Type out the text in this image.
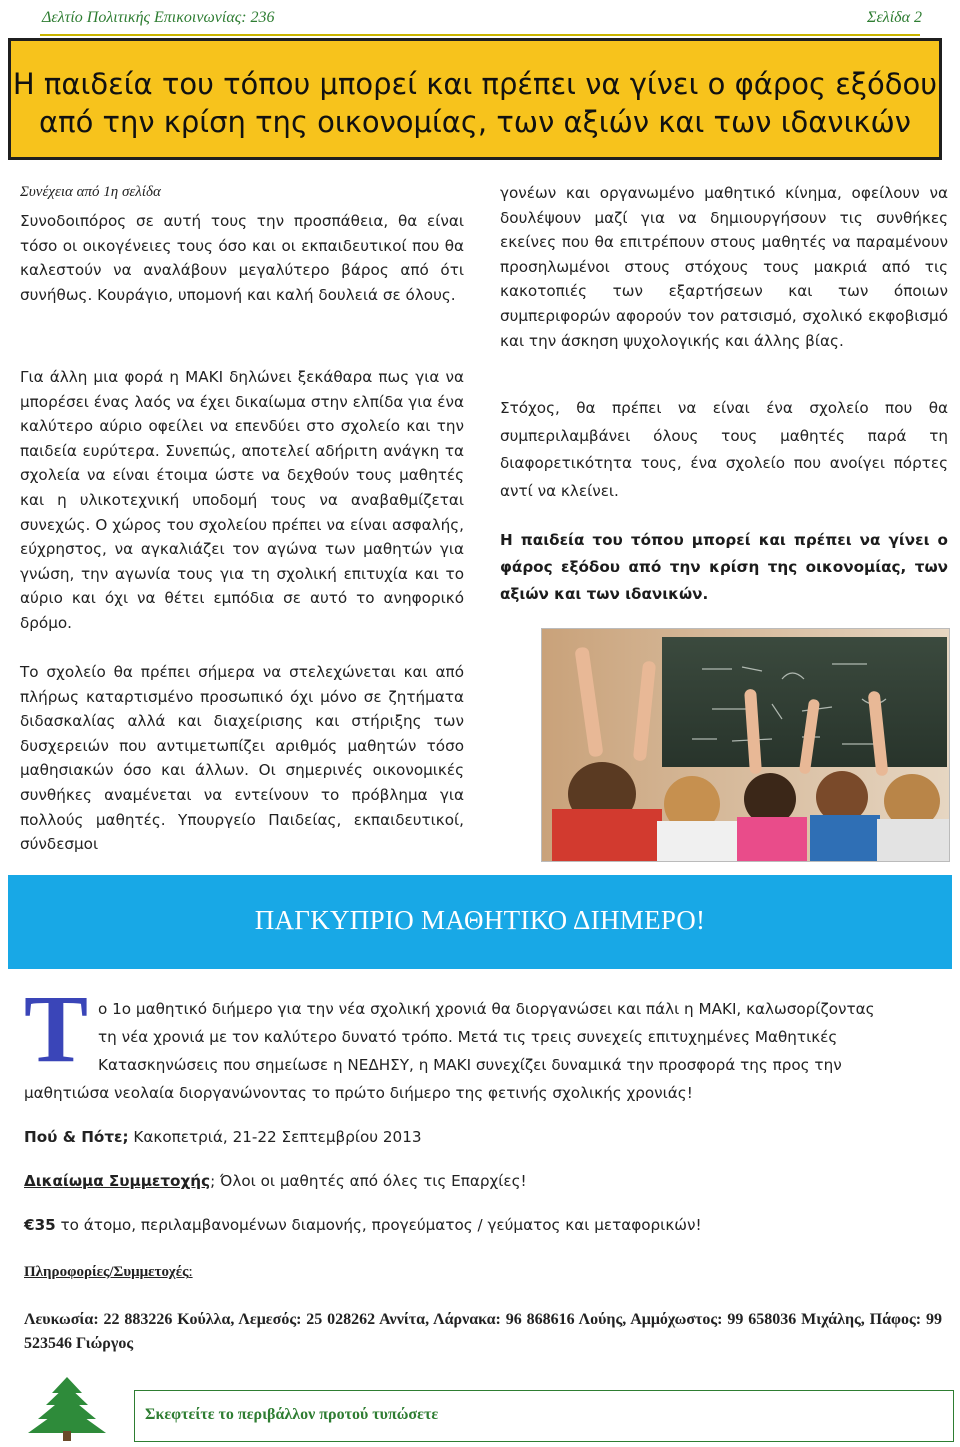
Δελτίο Πολιτικής Επικοινωνίας: 236	Σελίδα 2
Η παιδεία του τόπου μπορεί και πρέπει να γίνει ο φάρος εξόδου
από την κρίση της οικονομίας, των αξιών και των ιδανικών
Συνέχεια από 1η σελίδα

Συνοδοιπόρος σε αυτή τους την προσπάθεια, θα είναι τόσο οι οικογένειες τους όσο και οι εκπαιδευτικοί που θα καλεστούν να αναλάβουν μεγαλύτερο βάρος από ότι συνήθως. Κουράγιο, υπομονή και καλή δουλειά σε όλους.

Για άλλη μια φορά η ΜΑΚΙ δηλώνει ξεκάθαρα πως για να μπορέσει ένας λαός να έχει δικαίωμα στην ελπίδα για ένα καλύτερο αύριο οφείλει να επενδύει στο σχολείο και την παιδεία ευρύτερα. Συνεπώς, αποτελεί αδήριτη ανάγκη τα σχολεία να είναι έτοιμα ώστε να δεχθούν τους μαθητές και η υλικοτεχνική υποδομή τους να αναβαθμίζεται συνεχώς. Ο χώρος του σχολείου πρέπει να είναι ασφαλής, εύχρηστος, να αγκαλιάζει τον αγώνα των μαθητών για γνώση, την αγωνία τους για τη σχολική επιτυχία και το αύριο και όχι να θέτει εμπόδια σε αυτό το ανηφορικό δρόμο.

Το σχολείο θα πρέπει σήμερα να στελεχώνεται και από πλήρως καταρτισμένο προσωπικό όχι μόνο σε ζητήματα διδασκαλίας αλλά και διαχείρισης και στήριξης των δυσχερειών που αντιμετωπίζει αριθμός μαθητών τόσο μαθησιακών όσο και άλλων. Οι σημερινές οικονομικές συνθήκες αναμένεται να εντείνουν το πρόβλημα για πολλούς μαθητές. Υπουργείο Παιδείας, εκπαιδευτικοί, σύνδεσμοι

γονέων και οργανωμένο μαθητικό κίνημα, οφείλουν να δουλέψουν μαζί για να δημιουργήσουν τις συνθήκες εκείνες που θα επιτρέπουν στους μαθητές να παραμένουν προσηλωμένοι στους στόχους τους μακριά από τις κακοτοπιές των εξαρτήσεων και των όποιων συμπεριφορών αφορούν τον ρατσισμό, σχολικό εκφοβισμό και την άσκηση ψυχολογικής και άλλης βίας.

Στόχος, θα πρέπει να είναι ένα σχολείο που θα συμπεριλαμβάνει όλους τους μαθητές παρά τη διαφορετικότητα τους, ένα σχολείο που ανοίγει πόρτες αντί να κλείνει.

Η παιδεία του τόπου μπορεί και πρέπει να γίνει ο φάρος εξόδου από την κρίση της οικονομίας, των αξιών και των ιδανικών.

ΠΑΓΚΥΠΡΙΟ ΜΑΘΗΤΙΚΟ ΔΙΗΜΕΡΟ!
Τ ο 1ο μαθητικό διήμερο για την νέα σχολική χρονιά θα διοργανώσει και πάλι η ΜΑΚΙ, καλωσορίζοντας
τη νέα χρονιά με τον καλύτερο δυνατό τρόπο. Μετά τις τρεις συνεχείς επιτυχημένες Μαθητικές
Κατασκηνώσεις που σημείωσε η ΝΕΔΗΣΥ, η ΜΑΚΙ συνεχίζει δυναμικά την προσφορά της προς την
μαθητιώσα νεολαία διοργανώνοντας το πρώτο διήμερο της φετινής σχολικής χρονιάς!
Πού & Πότε; Κακοπετριά, 21-22 Σεπτεμβρίου 2013
Δικαίωμα Συμμετοχής; Όλοι οι μαθητές από όλες τις Επαρχίες!
€35 το άτομο, περιλαμβανομένων διαμονής, προγεύματος / γεύματος και μεταφορικών!
Πληροφορίες/Συμμετοχές:
Λευκωσία: 22 883226 Κούλλα, Λεμεσός: 25 028262 Αννίτα, Λάρνακα: 96 868616 Λούης, Αμμόχωστος: 99 658036 Μιχάλης, Πάφος: 99 523546 Γιώργος
Σκεφτείτε το περιβάλλον προτού τυπώσετε
